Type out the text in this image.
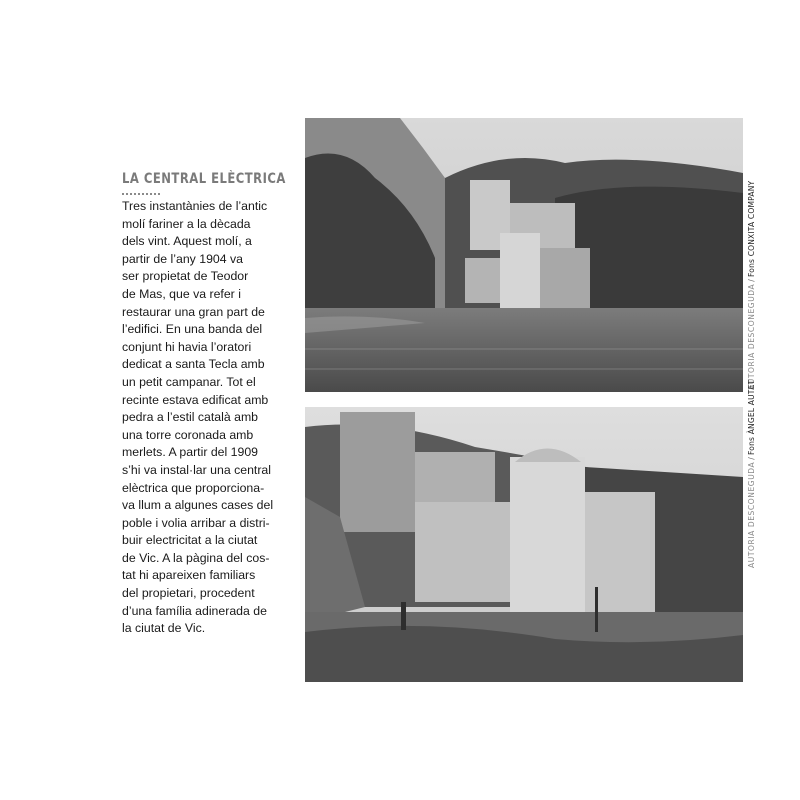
LA CENTRAL ELÈCTRICA
Tres instantànies de l’antic
molí fariner a la dècada
dels vint. Aquest molí, a
partir de l’any 1904 va
ser propietat de Teodor
de Mas, que va refer i
restaurar una gran part de
l’edifici. En una banda del
conjunt hi havia l’oratori
dedicat a santa Tecla amb
un petit campanar. Tot el
recinte estava edificat amb
pedra a l’estil català amb
una torre coronada amb
merlets. A partir del 1909
s’hi va instal·lar una central
elèctrica que proporciona-
va llum a algunes cases del
poble i volia arribar a distri-
buir electricitat a la ciutat
de Vic. A la pàgina del cos-
tat hi apareixen familiars
del propietari, procedent
d’una família adinerada de
la ciutat de Vic.
AUTORIA DESCONEGUDA/Fons CONXITA COMPANY
AUTORIA DESCONEGUDA/Fons ÀNGEL AUTET
